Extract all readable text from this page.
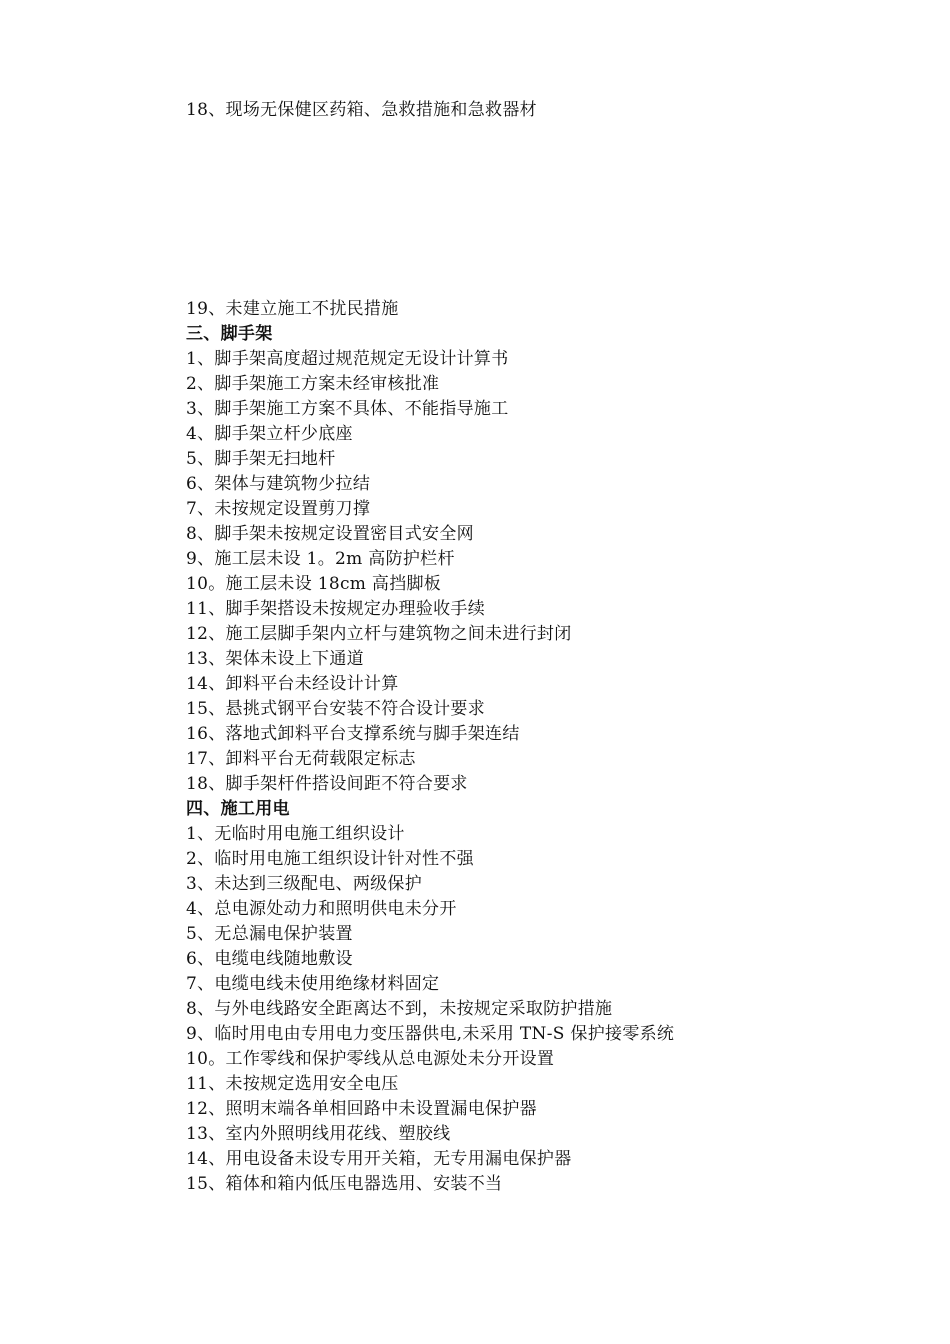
18、现场无保健区药箱、急救措施和急救器材
19、未建立施工不扰民措施
三、脚手架
1、脚手架高度超过规范规定无设计计算书
2、脚手架施工方案未经审核批准
3、脚手架施工方案不具体、不能指导施工
4、脚手架立杆少底座
5、脚手架无扫地杆
6、架体与建筑物少拉结
7、未按规定设置剪刀撑
8、脚手架未按规定设置密目式安全网
9、施工层未设 1。2m 高防护栏杆
10。施工层未设 18cm 高挡脚板
11、脚手架搭设未按规定办理验收手续
12、施工层脚手架内立杆与建筑物之间未进行封闭
13、架体未设上下通道
14、卸料平台未经设计计算
15、悬挑式钢平台安装不符合设计要求
16、落地式卸料平台支撑系统与脚手架连结
17、卸料平台无荷载限定标志
18、脚手架杆件搭设间距不符合要求
四、施工用电
1、无临时用电施工组织设计
2、临时用电施工组织设计针对性不强
3、未达到三级配电、两级保护
4、总电源处动力和照明供电未分开
5、无总漏电保护装置
6、电缆电线随地敷设
7、电缆电线未使用绝缘材料固定
8、与外电线路安全距离达不到，未按规定采取防护措施
9、临时用电由专用电力变压器供电,未采用 TN-S 保护接零系统
10。工作零线和保护零线从总电源处未分开设置
11、未按规定选用安全电压
12、照明末端各单相回路中未设置漏电保护器
13、室内外照明线用花线、塑胶线
14、用电设备未设专用开关箱，无专用漏电保护器
15、箱体和箱内低压电器选用、安装不当
